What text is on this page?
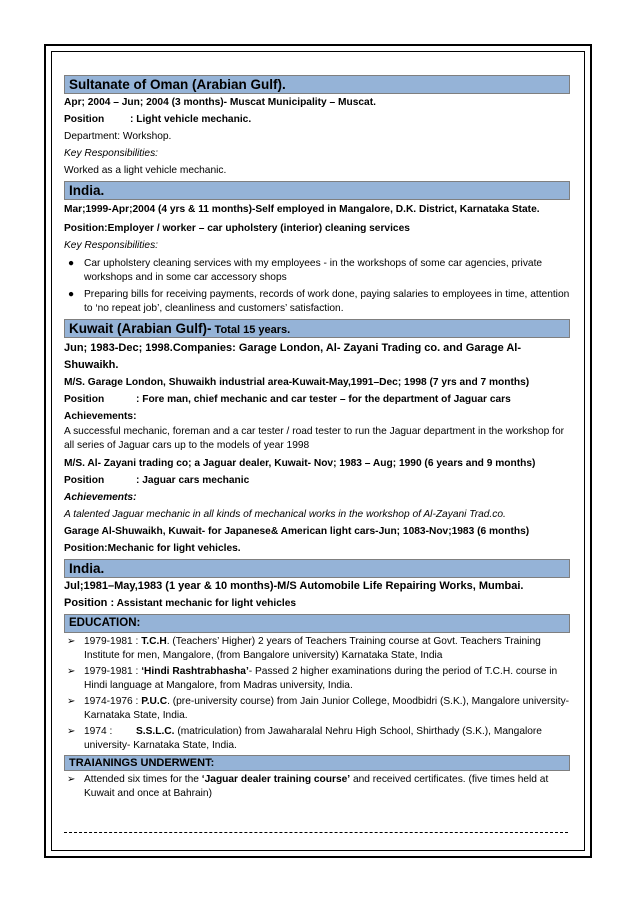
Sultanate of Oman (Arabian Gulf).
Apr; 2004 – Jun; 2004 (3 months)- Muscat Municipality – Muscat.
Position	: Light vehicle mechanic.
Department: Workshop.
Key Responsibilities:
Worked as a light vehicle mechanic.
India.
Mar;1999-Apr;2004 (4 yrs & 11 months)-Self employed in Mangalore, D.K. District, Karnataka State.
Position:Employer / worker – car upholstery (interior) cleaning services
Key Responsibilities:
● Car upholstery cleaning services with my employees - in the workshops of some car agencies, private workshops and in some car accessory shops
● Preparing bills for receiving payments, records of work done, paying salaries to employees in time, attention to ‘no repeat job’, cleanliness and customers’ satisfaction.
Kuwait (Arabian Gulf)- Total 15 years.
Jun; 1983-Dec; 1998.Companies: Garage London, Al- Zayani Trading co. and Garage Al-Shuwaikh.
M/S. Garage London, Shuwaikh industrial area-Kuwait-May,1991–Dec; 1998 (7 yrs and 7 months)
Position	: Fore man, chief mechanic and car tester – for the department of Jaguar cars
Achievements:
A successful mechanic, foreman and a car tester / road tester to run the Jaguar department in the workshop for all series of Jaguar cars up to the models of year 1998
M/S. Al- Zayani trading co; a Jaguar dealer, Kuwait- Nov; 1983 – Aug; 1990 (6 years and 9 months)
Position	: Jaguar cars mechanic
Achievements:
A talented Jaguar mechanic in all kinds of mechanical works in the workshop of Al-Zayani Trad.co.
Garage Al-Shuwaikh, Kuwait- for Japanese& American light cars-Jun; 1083-Nov;1983 (6 months)
Position:Mechanic for light vehicles.
India.
Jul;1981–May,1983 (1 year & 10 months)-M/S Automobile Life Repairing Works, Mumbai.
Position : Assistant mechanic for light vehicles
EDUCATION:
➢ 1979-1981 : T.C.H. (Teachers’ Higher) 2 years of Teachers Training course at Govt. Teachers Training Institute for men, Mangalore, (from Bangalore university) Karnataka State, India
➢ 1979-1981 : ‘Hindi Rashtrabhasha’- Passed 2 higher examinations during the period of T.C.H. course in Hindi language at Mangalore, from Madras university, India.
➢ 1974-1976 : P.U.C. (pre-university course) from Jain Junior College, Moodbidri (S.K.), Mangalore university- Karnataka State, India.
➢ 1974 :S.S.L.C. (matriculation) from Jawaharalal Nehru High School, Shirthady (S.K.), Mangalore university- Karnataka State, India.
TRAIANINGS UNDERWENT:
➢ Attended six times for the ‘Jaguar dealer training course’ and received certificates. (five times held at Kuwait and once at Bahrain)
